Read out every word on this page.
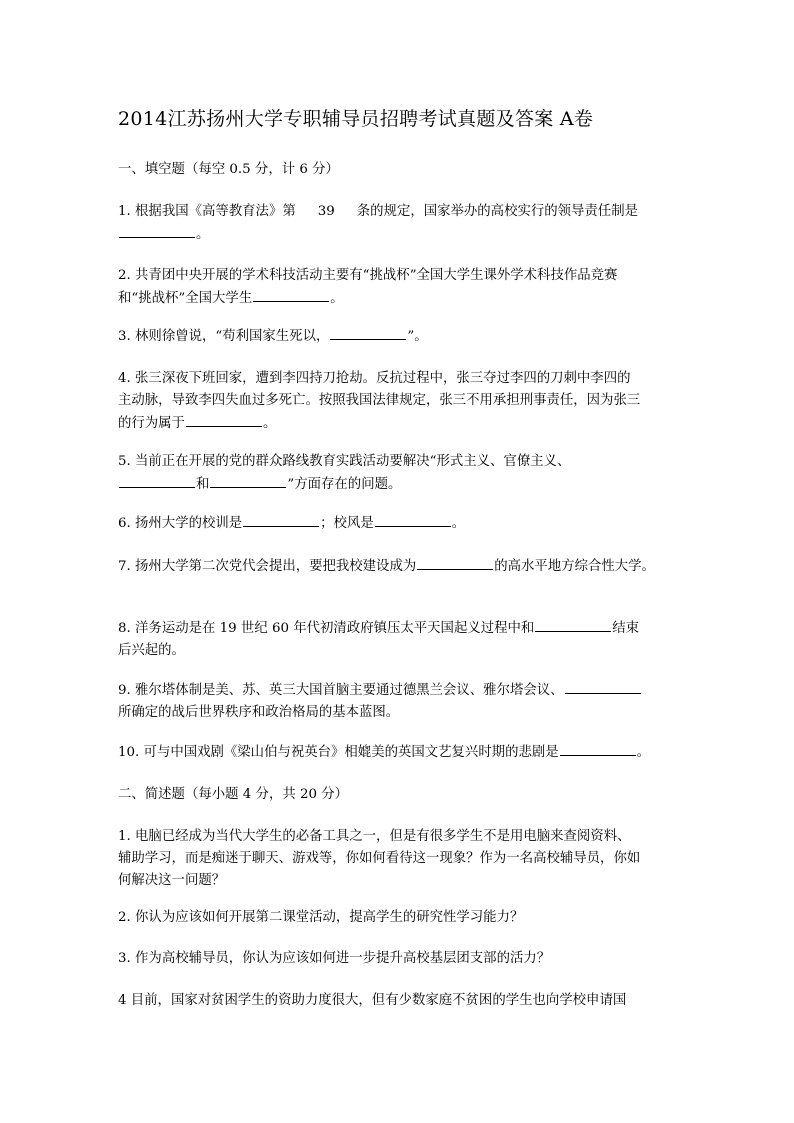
2014江苏扬州大学专职辅导员招聘考试真题及答案 A卷
一、填空题（每空 0.5 分，计 6 分）
1. 根据我国《高等教育法》第 39 条的规定，国家举办的高校实行的领导责任制是
。
2. 共青团中央开展的学术科技活动主要有“挑战杯”全国大学生课外学术科技作品竞赛
和“挑战杯”全国大学生	。
3. 林则徐曾说，“苟利国家生死以，	”。
4. 张三深夜下班回家，遭到李四持刀抢劫。反抗过程中，张三夺过李四的刀刺中李四的
主动脉，导致李四失血过多死亡。按照我国法律规定，张三不用承担刑事责任，因为张三
的行为属于	。
5. 当前正在开展的党的群众路线教育实践活动要解决“形式主义、官僚主义、
和	”方面存在的问题。
6. 扬州大学的校训是	；校风是	。
7. 扬州大学第二次党代会提出，要把我校建设成为	的高水平地方综合性大学。
8. 洋务运动是在 19 世纪 60 年代初清政府镇压太平天国起义过程中和	结束
后兴起的。
9. 雅尔塔体制是美、苏、英三大国首脑主要通过德黑兰会议、雅尔塔会议、
所确定的战后世界秩序和政治格局的基本蓝图。
10. 可与中国戏剧《梁山伯与祝英台》相媲美的英国文艺复兴时期的悲剧是	。
二、简述题（每小题 4 分，共 20 分）
1. 电脑已经成为当代大学生的必备工具之一，但是有很多学生不是用电脑来查阅资料、
辅助学习，而是痴迷于聊天、游戏等，你如何看待这一现象？作为一名高校辅导员，你如
何解决这一问题？
2. 你认为应该如何开展第二课堂活动，提高学生的研究性学习能力？
3. 作为高校辅导员，你认为应该如何进一步提升高校基层团支部的活力？
4 目前，国家对贫困学生的资助力度很大，但有少数家庭不贫困的学生也向学校申请国
